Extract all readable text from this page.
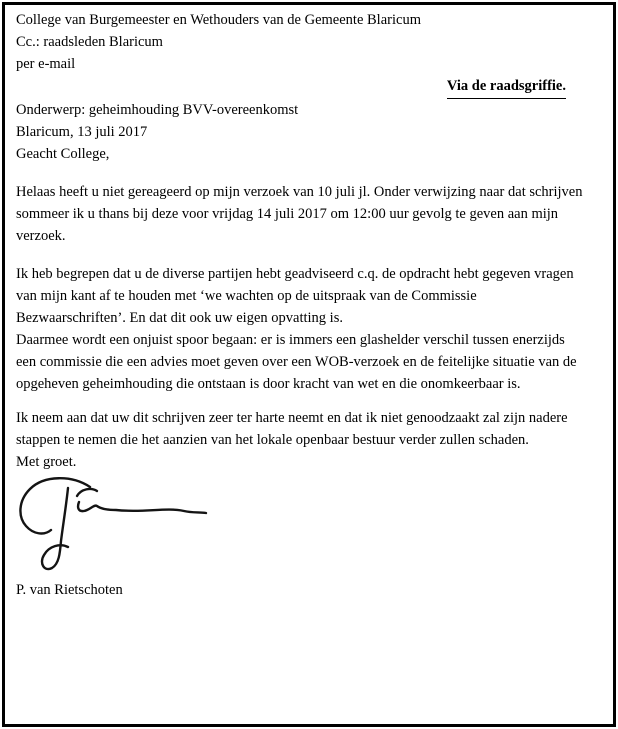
College van Burgemeester en Wethouders van de Gemeente Blaricum
Cc.: raadsleden Blaricum
per e-mail
Via de raadsgriffie.
Onderwerp: geheimhouding BVV-overeenkomst
Blaricum, 13 juli 2017
Geacht College,

Helaas heeft u niet gereageerd op mijn verzoek van 10 juli jl. Onder verwijzing naar dat schrijven sommeer ik u thans bij deze voor vrijdag 14 juli 2017 om 12:00 uur gevolg te geven aan mijn verzoek.

Ik heb begrepen dat u de diverse partijen hebt geadviseerd c.q. de opdracht hebt gegeven vragen van mijn kant af te houden met ‘we wachten op de uitspraak van de Commissie Bezwaarschriften’. En dat dit ook uw eigen opvatting is.

Daarmee wordt een onjuist spoor begaan: er is immers een glashelder verschil tussen enerzijds een commissie die een advies moet geven over een WOB-verzoek en de feitelijke situatie van de opgeheven geheimhouding die ontstaan is door kracht van wet en die onomkeerbaar is.

Ik neem aan dat uw dit schrijven zeer ter harte neemt en dat ik niet genoodzaakt zal zijn nadere stappen te nemen die het aanzien van het lokale openbaar bestuur verder zullen schaden.

Met groet.
P. van Rietschoten
